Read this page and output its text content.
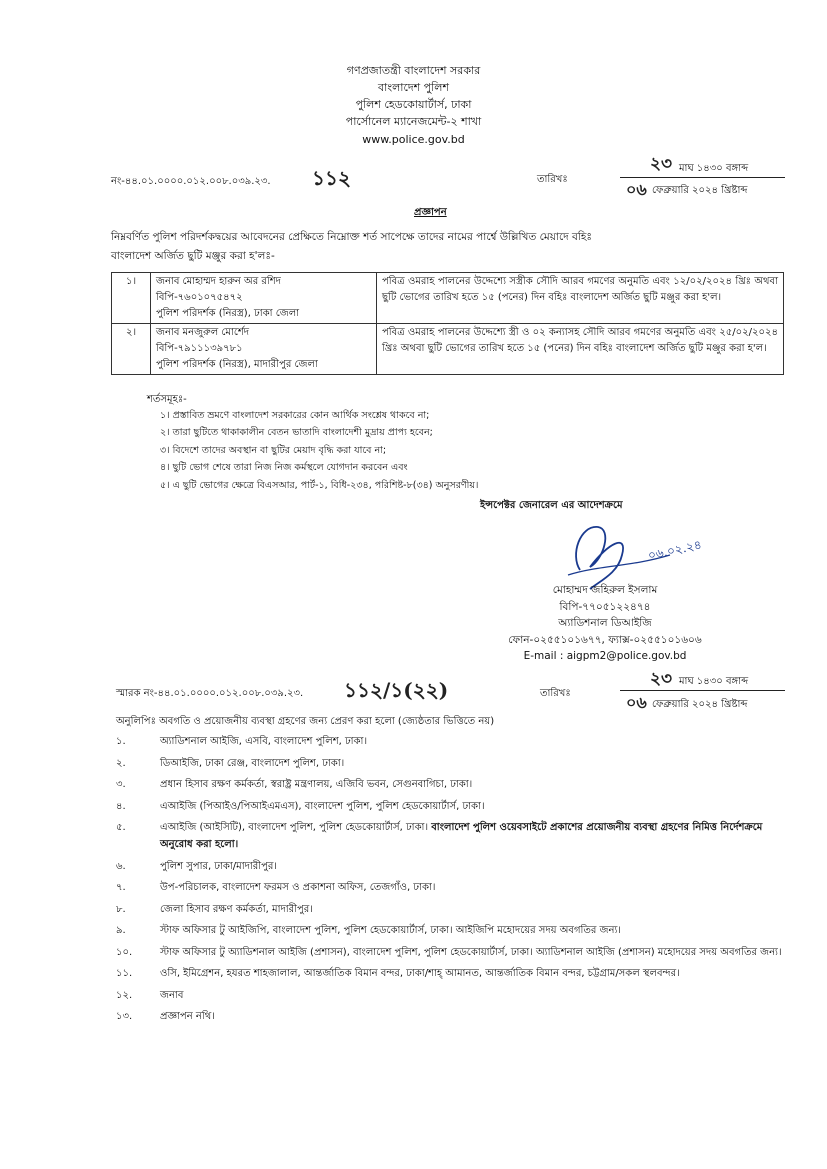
গণপ্রজাতন্ত্রী বাংলাদেশ সরকার
বাংলাদেশ পুলিশ
পুলিশ হেডকোয়ার্টার্স, ঢাকা
পার্সোনেল ম্যানেজমেন্ট-২ শাখা
www.police.gov.bd
নং-৪৪.০১.০০০০.০১২.০০৮.০৩৯.২৩. ১১২	তারিখঃ
২৩ মাঘ ১৪৩০ বঙ্গাব্দ
০৬ ফেব্রুয়ারি ২০২৪ খ্রিষ্টাব্দ
প্রজ্ঞাপন
নিম্নবর্ণিত পুলিশ পরিদর্শকদ্বয়ের আবেদনের প্রেক্ষিতে নিম্নোক্ত শর্ত সাপেক্ষে তাদের নামের পার্শ্বে উল্লিখিত মেয়াদে বহিঃ
বাংলাদেশ অর্জিত ছুটি মঞ্জুর করা হ'লঃ-
১।	জনাব মোহাম্মদ হারুন অর রশিদ
বিপি-৭৬০১০৭৫৪৭২
পুলিশ পরিদর্শক (নিরস্ত্র), ঢাকা জেলা	পবিত্র ওমরাহ পালনের উদ্দেশ্যে সস্ত্রীক সৌদি আরব গমণের অনুমতি এবং ১২/০২/২০২৪ খ্রিঃ অথবা ছুটি ভোগের তারিখ হতে ১৫ (পনের) দিন বহিঃ বাংলাদেশ অর্জিত ছুটি মঞ্জুর করা হ'ল।
২।	জনাব মনজুরুল মোর্শেদ
বিপি-৭৯১১১৩৯৭৮১
পুলিশ পরিদর্শক (নিরস্ত্র), মাদারীপুর জেলা	পবিত্র ওমরাহ পালনের উদ্দেশ্যে স্ত্রী ও ০২ কন্যাসহ সৌদি আরব গমণের অনুমতি এবং ২৫/০২/২০২৪ খ্রিঃ অথবা ছুটি ভোগের তারিখ হতে ১৫ (পনের) দিন বহিঃ বাংলাদেশ অর্জিত ছুটি মঞ্জুর করা হ'ল।
শর্তসমূহঃ-
১। প্রস্তাবিত ভ্রমণে বাংলাদেশ সরকারের কোন আর্থিক সংশ্লেষ থাকবে না;
২। তারা ছুটিতে থাকাকালীন বেতন ভাতাদি বাংলাদেশী মুদ্রায় প্রাপ্য হবেন;
৩। বিদেশে তাদের অবস্থান বা ছুটির মেয়াদ বৃদ্ধি করা যাবে না;
৪। ছুটি ভোগ শেষে তারা নিজ নিজ কর্মস্থলে যোগদান করবেন এবং
৫। এ ছুটি ভোগের ক্ষেত্রে বিএসআর, পার্ট-১, বিধি-২৩৪, পরিশিষ্ট-৮(৩৪) অনুসরণীয়।
ইন্সপেক্টর জেনারেল এর আদেশক্রমে
০৬.০২.২৪
মোহাম্মদ জহিরুল ইসলাম
বিপি-৭৭০৫১২২৪৭৪
অ্যাডিশনাল ডিআইজি
ফোন-০২৫৫১০১৬৭৭, ফ্যাক্স-০২৫৫১০১৬০৬
E-mail : aigpm2@police.gov.bd
স্মারক নং-৪৪.০১.০০০০.০১২.০০৮.০৩৯.২৩. ১১২/১(২২)	তারিখঃ
২৩ মাঘ ১৪৩০ বঙ্গাব্দ
০৬ ফেব্রুয়ারি ২০২৪ খ্রিষ্টাব্দ
অনুলিপিঃ অবগতি ও প্রয়োজনীয় ব্যবস্থা গ্রহণের জন্য প্রেরণ করা হলো (জ্যেষ্ঠতার ভিত্তিতে নয়)
১.	অ্যাডিশনাল আইজি, এসবি, বাংলাদেশ পুলিশ, ঢাকা।
২.	ডিআইজি, ঢাকা রেঞ্জ, বাংলাদেশ পুলিশ, ঢাকা।
৩.	প্রধান হিসাব রক্ষণ কর্মকর্তা, স্বরাষ্ট্র মন্ত্রণালয়, এজিবি ভবন, সেগুনবাগিচা, ঢাকা।
৪.	এআইজি (পিআইও/পিআইএমএস), বাংলাদেশ পুলিশ, পুলিশ হেডকোয়ার্টার্স, ঢাকা।
৫.	এআইজি (আইসিটি), বাংলাদেশ পুলিশ, পুলিশ হেডকোয়ার্টার্স, ঢাকা। বাংলাদেশ পুলিশ ওয়েবসাইটে প্রকাশের প্রয়োজনীয় ব্যবস্থা গ্রহণের নিমিত্ত নির্দেশক্রমে অনুরোধ করা হলো।
৬.	পুলিশ সুপার, ঢাকা/মাদারীপুর।
৭.	উপ-পরিচালক, বাংলাদেশ ফরমস ও প্রকাশনা অফিস, তেজগাঁও, ঢাকা।
৮.	জেলা হিসাব রক্ষণ কর্মকর্তা, মাদারীপুর।
৯.	স্টাফ অফিসার টু আইজিপি, বাংলাদেশ পুলিশ, পুলিশ হেডকোয়ার্টার্স, ঢাকা। আইজিপি মহোদয়ের সদয় অবগতির জন্য।
১০.	স্টাফ অফিসার টু অ্যাডিশনাল আইজি (প্রশাসন), বাংলাদেশ পুলিশ, পুলিশ হেডকোয়ার্টার্স, ঢাকা। অ্যাডিশনাল আইজি (প্রশাসন) মহোদয়ের সদয় অবগতির জন্য।
১১.	ওসি, ইমিগ্রেশন, হযরত শাহজালাল, আন্তর্জাতিক বিমান বন্দর, ঢাকা/শাহ্ আমানত, আন্তর্জাতিক বিমান বন্দর, চট্টগ্রাম/সকল স্থলবন্দর।
১২.	জনাব
১৩.	প্রজ্ঞাপন নথি।
